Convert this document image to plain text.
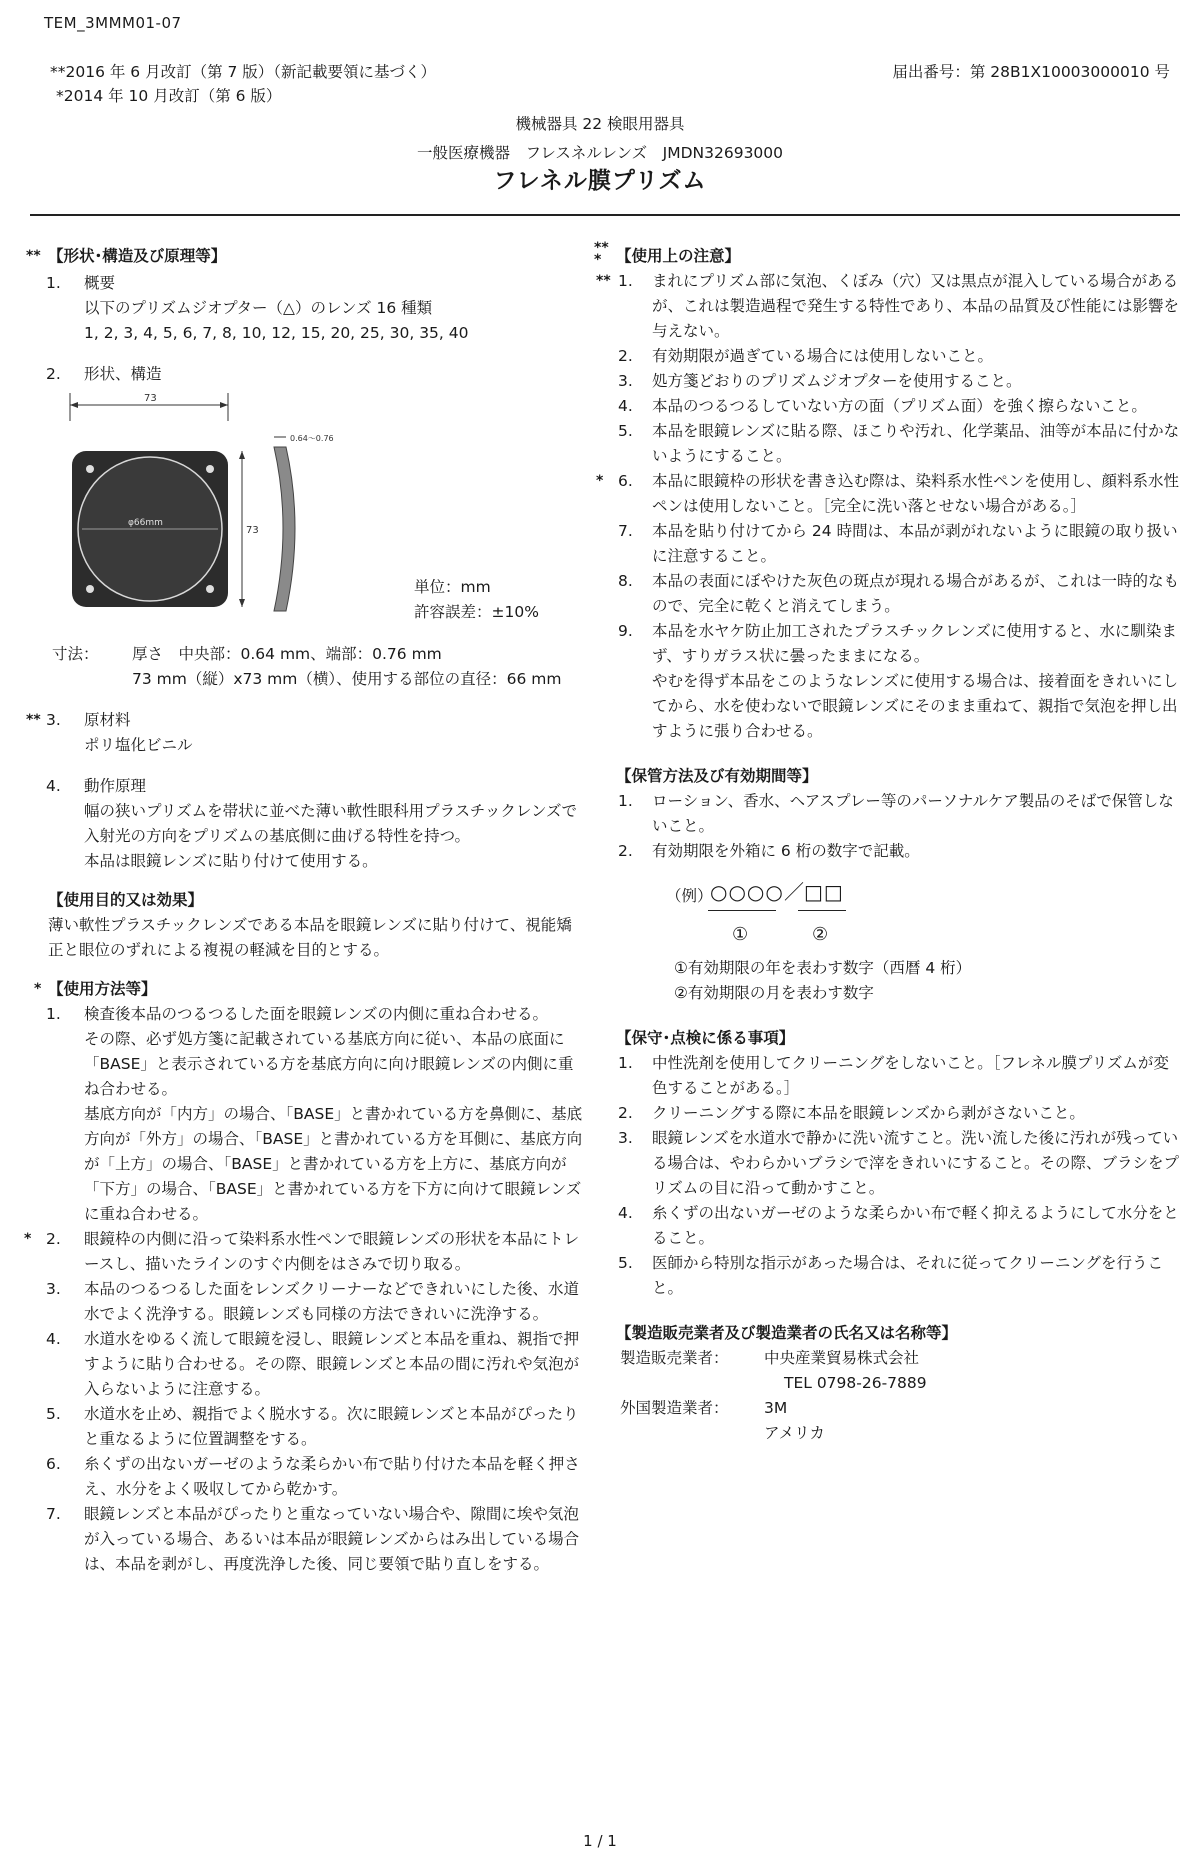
TEM_3MMM01-07
**2016 年 6 月改訂（第 7 版）（新記載要領に基づく）
*2014 年 10 月改訂（第 6 版）
届出番号：第 28B1X10003000010 号
機械器具 22 検眼用器具
一般医療機器　フレスネルレンズ　JMDN32693000
フレネル膜プリズム
** 【形状･構造及び原理等】
1.	概要
以下のプリズムジオプター（△）のレンズ 16 種類
1, 2, 3, 4, 5, 6, 7, 8, 10, 12, 15, 20, 25, 30, 35, 40
2.	形状、構造
73
φ66mm
73
0.64〜0.76
単位：mm
許容誤差：±10%
寸法：	厚さ　中央部：0.64 mm、端部：0.76 mm
73 mm（縦）x73 mm（横）、使用する部位の直径：66 mm
** 3.	原材料
ポリ塩化ビニル
4.	動作原理
幅の狭いプリズムを帯状に並べた薄い軟性眼科用プラスチックレンズで入射光の方向をプリズムの基底側に曲げる特性を持つ。
本品は眼鏡レンズに貼り付けて使用する。
【使用目的又は効果】
薄い軟性プラスチックレンズである本品を眼鏡レンズに貼り付けて、視能矯正と眼位のずれによる複視の軽減を目的とする。
* 【使用方法等】
1. 検査後本品のつるつるした面を眼鏡レンズの内側に重ね合わせる。
その際、必ず処方箋に記載されている基底方向に従い、本品の底面に「BASE」と表示されている方を基底方向に向け眼鏡レンズの内側に重ね合わせる。
基底方向が「内方」の場合、「BASE」と書かれている方を鼻側に、基底方向が「外方」の場合、「BASE」と書かれている方を耳側に、基底方向が「上方」の場合、「BASE」と書かれている方を上方に、基底方向が「下方」の場合、「BASE」と書かれている方を下方に向けて眼鏡レンズに重ね合わせる。
* 2. 眼鏡枠の内側に沿って染料系水性ペンで眼鏡レンズの形状を本品にトレースし、描いたラインのすぐ内側をはさみで切り取る。
3. 本品のつるつるした面をレンズクリーナーなどできれいにした後、水道水でよく洗浄する。眼鏡レンズも同様の方法できれいに洗浄する。
4. 水道水をゆるく流して眼鏡を浸し、眼鏡レンズと本品を重ね、親指で押すように貼り合わせる。その際、眼鏡レンズと本品の間に汚れや気泡が入らないように注意する。
5. 水道水を止め、親指でよく脱水する。次に眼鏡レンズと本品がぴったりと重なるように位置調整をする。
6. 糸くずの出ないガーゼのような柔らかい布で貼り付けた本品を軽く押さえ、水分をよく吸収してから乾かす。
7. 眼鏡レンズと本品がぴったりと重なっていない場合や、隙間に埃や気泡が入っている場合、あるいは本品が眼鏡レンズからはみ出している場合は、本品を剥がし、再度洗浄した後、同じ要領で貼り直しをする。
**
* 【使用上の注意】
** 1. まれにプリズム部に気泡、くぼみ（穴）又は黒点が混入している場合があるが、これは製造過程で発生する特性であり、本品の品質及び性能には影響を与えない。
2. 有効期限が過ぎている場合には使用しないこと。
3. 処方箋どおりのプリズムジオプターを使用すること。
4. 本品のつるつるしていない方の面（プリズム面）を強く擦らないこと。
5. 本品を眼鏡レンズに貼る際、ほこりや汚れ、化学薬品、油等が本品に付かないようにすること。
* 6. 本品に眼鏡枠の形状を書き込む際は、染料系水性ペンを使用し、顔料系水性ペンは使用しないこと。［完全に洗い落とせない場合がある。］
7. 本品を貼り付けてから 24 時間は、本品が剥がれないように眼鏡の取り扱いに注意すること。
8. 本品の表面にぼやけた灰色の斑点が現れる場合があるが、これは一時的なもので、完全に乾くと消えてしまう。
9. 本品を水ヤケ防止加工されたプラスチックレンズに使用すると、水に馴染まず、すりガラス状に曇ったままになる。
やむを得ず本品をこのようなレンズに使用する場合は、接着面をきれいにしてから、水を使わないで眼鏡レンズにそのまま重ねて、親指で気泡を押し出すように張り合わせる。
【保管方法及び有効期間等】
1. ローション、香水、ヘアスプレー等のパーソナルケア製品のそばで保管しないこと。
2. 有効期限を外箱に 6 桁の数字で記載。
（例）
○○○○ ／ □□
①	②
①有効期限の年を表わす数字（西暦 4 桁）
②有効期限の月を表わす数字
【保守･点検に係る事項】
1. 中性洗剤を使用してクリーニングをしないこと。［フレネル膜プリズムが変色することがある。］
2. クリーニングする際に本品を眼鏡レンズから剥がさないこと。
3. 眼鏡レンズを水道水で静かに洗い流すこと。洗い流した後に汚れが残っている場合は、やわらかいブラシで滓をきれいにすること。その際、ブラシをプリズムの目に沿って動かすこと。
4. 糸くずの出ないガーゼのような柔らかい布で軽く抑えるようにして水分をとること。
5. 医師から特別な指示があった場合は、それに従ってクリーニングを行うこと。
【製造販売業者及び製造業者の氏名又は名称等】
製造販売業者：	中央産業貿易株式会社
TEL 0798-26-7889
外国製造業者：	3M
アメリカ
1 / 1
